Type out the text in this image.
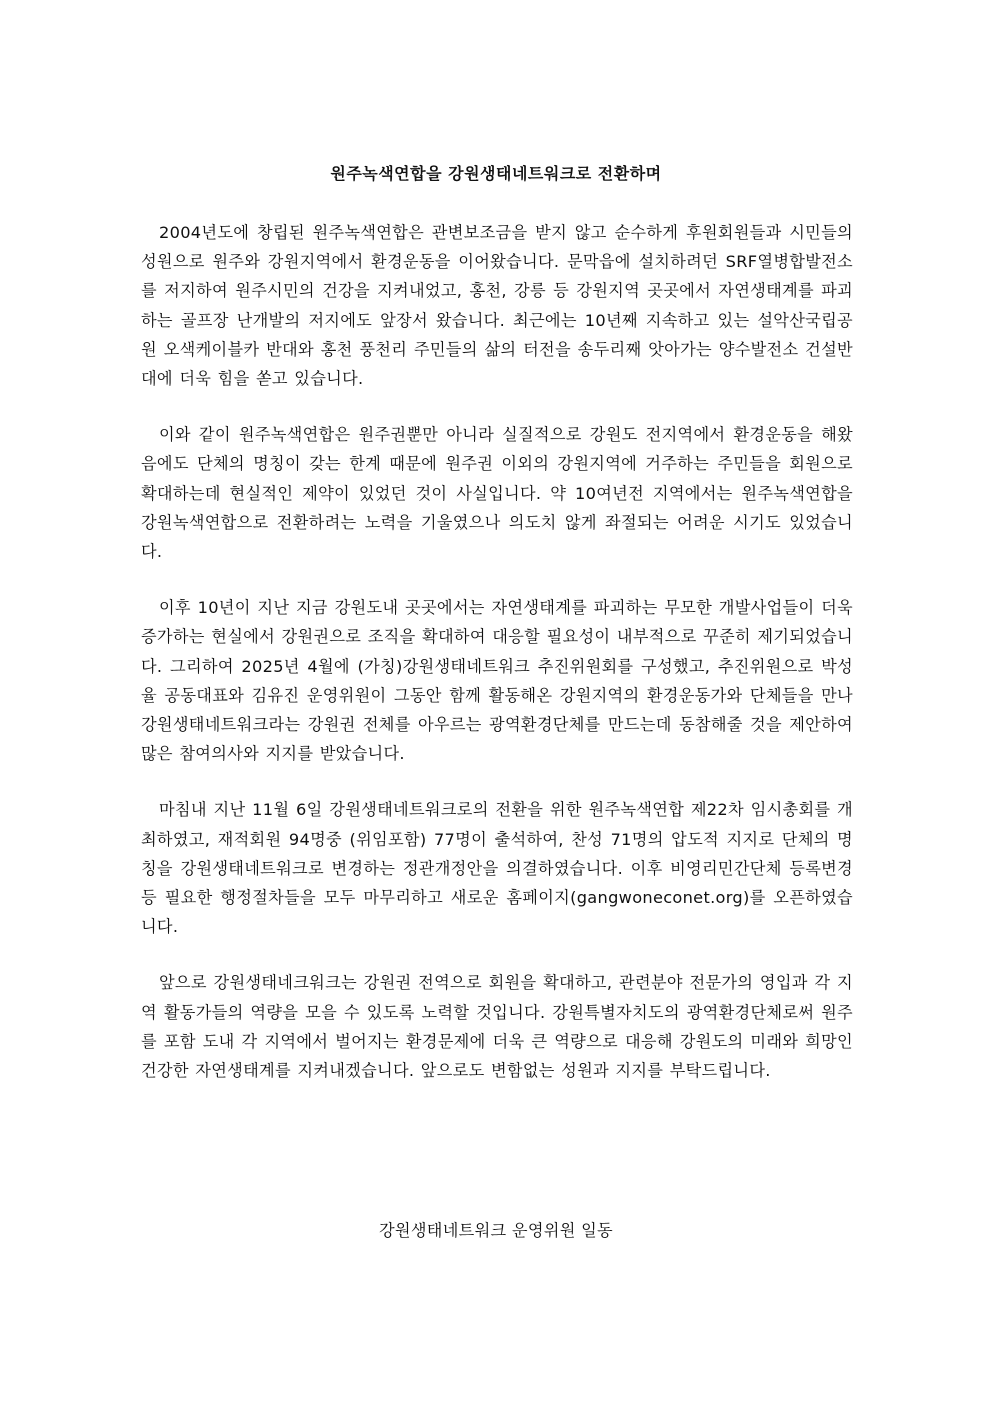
원주녹색연합을 강원생태네트워크로 전환하며

2004년도에 창립된 원주녹색연합은 관변보조금을 받지 않고 순수하게 후원회원들과 시민들의 성원으로 원주와 강원지역에서 환경운동을 이어왔습니다. 문막읍에 설치하려던 SRF열병합발전소를 저지하여 원주시민의 건강을 지켜내었고, 홍천, 강릉 등 강원지역 곳곳에서 자연생태계를 파괴하는 골프장 난개발의 저지에도 앞장서 왔습니다. 최근에는 10년째 지속하고 있는 설악산국립공원 오색케이블카 반대와 홍천 풍천리 주민들의 삶의 터전을 송두리째 앗아가는 양수발전소 건설반대에 더욱 힘을 쏟고 있습니다.

이와 같이 원주녹색연합은 원주권뿐만 아니라 실질적으로 강원도 전지역에서 환경운동을 해왔음에도 단체의 명칭이 갖는 한계 때문에 원주권 이외의 강원지역에 거주하는 주민들을 회원으로 확대하는데 현실적인 제약이 있었던 것이 사실입니다. 약 10여년전 지역에서는 원주녹색연합을 강원녹색연합으로 전환하려는 노력을 기울였으나 의도치 않게 좌절되는 어려운 시기도 있었습니다.

이후 10년이 지난 지금 강원도내 곳곳에서는 자연생태계를 파괴하는 무모한 개발사업들이 더욱 증가하는 현실에서 강원권으로 조직을 확대하여 대응할 필요성이 내부적으로 꾸준히 제기되었습니다. 그리하여 2025년 4월에 (가칭)강원생태네트워크 추진위원회를 구성했고, 추진위원으로 박성율 공동대표와 김유진 운영위원이 그동안 함께 활동해온 강원지역의 환경운동가와 단체들을 만나 강원생태네트워크라는 강원권 전체를 아우르는 광역환경단체를 만드는데 동참해줄 것을 제안하여 많은 참여의사와 지지를 받았습니다.

마침내 지난 11월 6일 강원생태네트워크로의 전환을 위한 원주녹색연합 제22차 임시총회를 개최하였고, 재적회원 94명중 (위임포함) 77명이 출석하여, 찬성 71명의 압도적 지지로 단체의 명칭을 강원생태네트워크로 변경하는 정관개정안을 의결하였습니다. 이후 비영리민간단체 등록변경 등 필요한 행정절차들을 모두 마무리하고 새로운 홈페이지(gangwoneconet.org)를 오픈하였습니다.

앞으로 강원생태네크워크는 강원권 전역으로 회원을 확대하고, 관련분야 전문가의 영입과 각 지역 활동가들의 역량을 모을 수 있도록 노력할 것입니다. 강원특별자치도의 광역환경단체로써 원주를 포함 도내 각 지역에서 벌어지는 환경문제에 더욱 큰 역량으로 대응해 강원도의 미래와 희망인 건강한 자연생태계를 지켜내겠습니다. 앞으로도 변함없는 성원과 지지를 부탁드립니다.

강원생태네트워크 운영위원 일동
